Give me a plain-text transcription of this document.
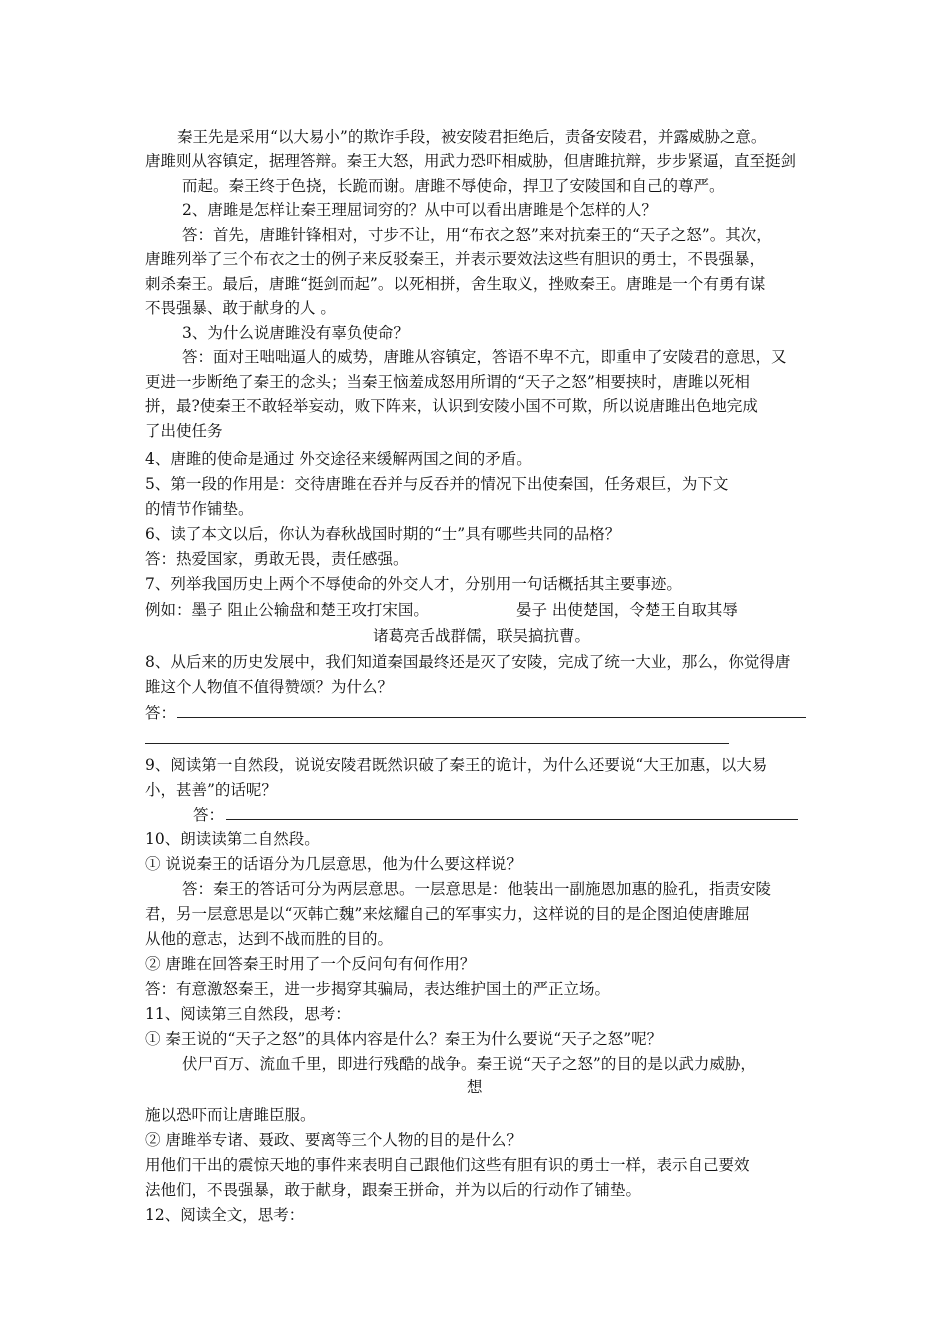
秦王先是采用“以大易小”的欺诈手段，被安陵君拒绝后，责备安陵君，并露威胁之意。
唐雎则从容镇定，据理答辩。秦王大怒，用武力恐吓相威胁，但唐雎抗辩，步步紧逼，直至挺剑
而起。秦王终于色挠，长跪而谢。唐雎不辱使命，捍卫了安陵国和自己的尊严。
2、唐雎是怎样让秦王理屈词穷的？从中可以看出唐雎是个怎样的人？
答：首先，唐雎针锋相对，寸步不让，用“布衣之怒”来对抗秦王的“天子之怒”。其次，
唐雎列举了三个布衣之士的例子来反驳秦王，并表示要效法这些有胆识的勇士，不畏强暴，
刺杀秦王。最后，唐雎“挺剑而起”。以死相拼，舍生取义，挫败秦王。唐雎是一个有勇有谋
不畏强暴、敢于献身的人 。
3、为什么说唐雎没有辜负使命？
答：面对王咄咄逼人的威势，唐雎从容镇定，答语不卑不亢，即重申了安陵君的意思，又
更进一步断绝了秦王的念头；当秦王恼羞成怒用所谓的“天子之怒”相要挟时，唐雎以死相
拼，最?使秦王不敢轻举妄动，败下阵来，认识到安陵小国不可欺，所以说唐雎出色地完成
了出使任务
4、唐雎的使命是通过 外交途径来缓解两国之间的矛盾。
5、第一段的作用是：交待唐雎在吞并与反吞并的情况下出使秦国，任务艰巨，为下文
的情节作铺垫。
6、读了本文以后，你认为春秋战国时期的“士”具有哪些共同的品格？
答：热爱国家，勇敢无畏，责任感强。
7、列举我国历史上两个不辱使命的外交人才，分别用一句话概括其主要事迹。
例如：墨子 阻止公输盘和楚王攻打宋国。	晏子 出使楚国，令楚王自取其辱
诸葛亮舌战群儒，联吴搞抗曹。
8、从后来的历史发展中，我们知道秦国最终还是灭了安陵，完成了统一大业，那么，你觉得唐
雎这个人物值不值得赞颂？为什么？
答：
9、阅读第一自然段，说说安陵君既然识破了秦王的诡计，为什么还要说“大王加惠，以大易
小，甚善”的话呢？
答：
10、朗读读第二自然段。
① 说说秦王的话语分为几层意思，他为什么要这样说？
答：秦王的答话可分为两层意思。一层意思是：他装出一副施恩加惠的脸孔，指责安陵
君，另一层意思是以“灭韩亡魏”来炫耀自己的军事实力，这样说的目的是企图迫使唐雎屈
从他的意志，达到不战而胜的目的。
② 唐雎在回答秦王时用了一个反问句有何作用？
答：有意激怒秦王，进一步揭穿其骗局，表达维护国土的严正立场。
11、阅读第三自然段，思考：
① 秦王说的“天子之怒”的具体内容是什么？秦王为什么要说“天子之怒”呢？
伏尸百万、流血千里，即进行残酷的战争。秦王说“天子之怒”的目的是以武力威胁，
想
施以恐吓而让唐雎臣服。
② 唐雎举专诸、聂政、要离等三个人物的目的是什么？
用他们干出的震惊天地的事件来表明自己跟他们这些有胆有识的勇士一样，表示自己要效
法他们，不畏强暴，敢于献身，跟秦王拼命，并为以后的行动作了铺垫。
12、阅读全文，思考：
